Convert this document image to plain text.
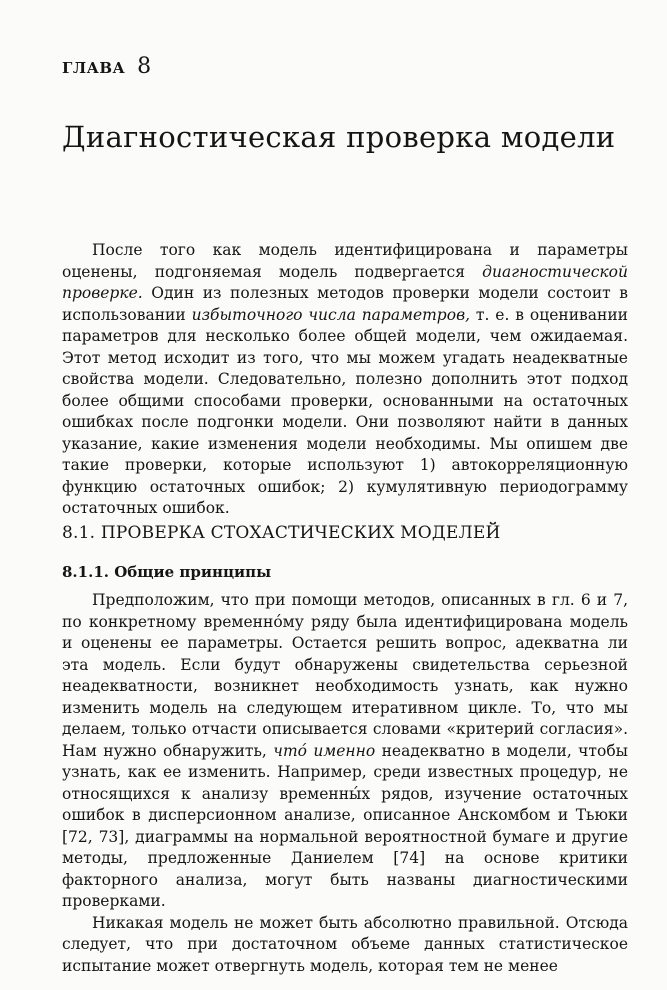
ГЛАВА 8
Диагностическая проверка модели

После того как модель идентифицирована и параметры оценены, подгоняемая модель подвергается диагностической проверке. Один из полезных методов проверки модели состоит в использовании избыточного числа параметров, т. е. в оценивании параметров для несколько более общей модели, чем ожидаемая. Этот метод исходит из того, что мы можем угадать неадекватные свойства модели. Следовательно, полезно дополнить этот подход более общими способами проверки, основанными на остаточных ошибках после подгонки модели. Они позволяют найти в данных указание, какие изменения модели необходимы. Мы опишем две такие проверки, которые используют 1) автокорреляционную функцию остаточных ошибок; 2) кумулятивную периодограмму остаточных ошибок.

8.1. ПРОВЕРКА СТОХАСТИЧЕСКИХ МОДЕЛЕЙ
8.1.1. Общие принципы

Предположим, что при помощи методов, описанных в гл. 6 и 7, по конкретному временно́му ряду была идентифицирована модель и оценены ее параметры. Остается решить вопрос, адекватна ли эта модель. Если будут обнаружены свидетельства серьезной неадекватности, возникнет необходимость узнать, как нужно изменить модель на следующем итеративном цикле. То, что мы делаем, только отчасти описывается словами «критерий согласия». Нам нужно обнаружить, что́ именно неадекватно в модели, чтобы узнать, как ее изменить. Например, среди известных процедур, не относящихся к анализу временны́х рядов, изучение остаточных ошибок в дисперсионном анализе, описанное Анскомбом и Тьюки [72, 73], диаграммы на нормальной вероятностной бумаге и другие методы, предложенные Даниелем [74] на основе критики факторного анализа, могут быть названы диагностическими проверками.

Никакая модель не может быть абсолютно правильной. Отсюда следует, что при достаточном объеме данных статистическое испытание может отвергнуть модель, которая тем не менее
